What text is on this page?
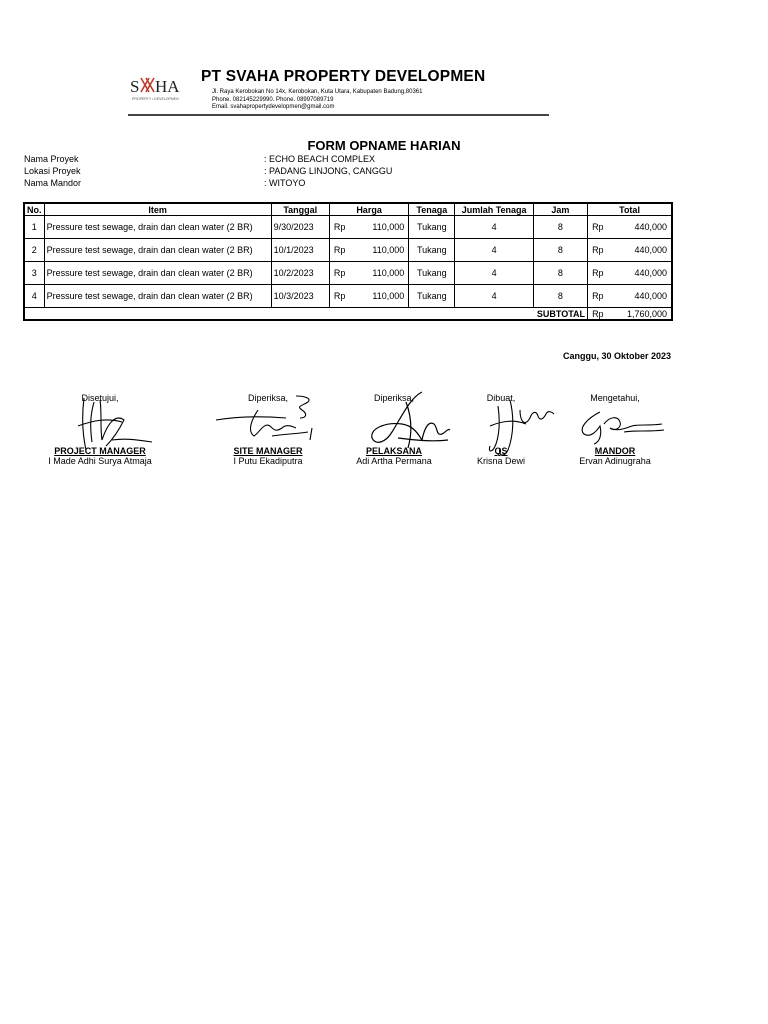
S HA
PROPERTY • DEVELOPMEN
PT SVAHA PROPERTY DEVELOPMEN
Jl. Raya Kerobokan No 14x, Kerobokan, Kuta Utara, Kabupaten Badung,80361
Phone. 082145229990. Phone. 08997089719
Email. svahapropertydevelopmen@gmail.com
FORM OPNAME HARIAN
Nama Proyek	: ECHO BEACH COMPLEX
Lokasi Proyek	: PADANG LINJONG, CANGGU
Nama Mandor	: WITOYO
No.	Item	Tanggal	Harga	Tenaga	Jumlah Tenaga	Jam	Total
1	Pressure test sewage, drain dan clean water (2 BR)	9/30/2023	Rp 110,000	Tukang	4	8	Rp 440,000

2	Pressure test sewage, drain dan clean water (2 BR)	10/1/2023	Rp 110,000	Tukang	4	8	Rp 440,000

3	Pressure test sewage, drain dan clean water (2 BR)	10/2/2023	Rp 110,000	Tukang	4	8	Rp 440,000

4	Pressure test sewage, drain dan clean water (2 BR)	10/3/2023	Rp 110,000	Tukang	4	8	Rp 440,000

SUBTOTAL							Rp 1,760,000
Canggu, 30 Oktober 2023
Disetujui,
PROJECT MANAGER
I Made Adhi Surya Atmaja
Diperiksa,
SITE MANAGER
I Putu Ekadiputra
Diperiksa,
PELAKSANA
Adi Artha Permana
Dibuat,
QS
Krisna Dewi
Mengetahui,
MANDOR
Ervan Adinugraha
